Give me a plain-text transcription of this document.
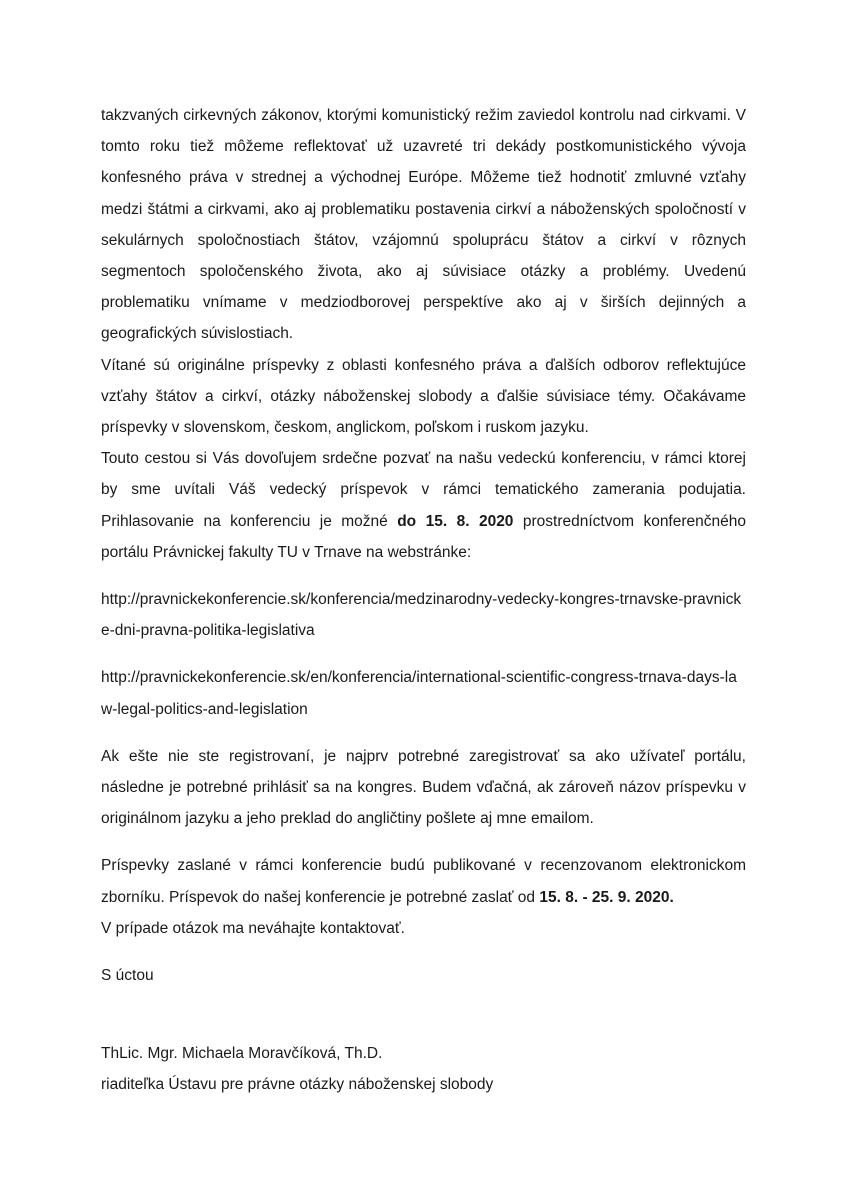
takzvaných cirkevných zákonov, ktorými komunistický režim zaviedol kontrolu nad cirkvami. V tomto roku tiež môžeme reflektovať už uzavreté tri dekády postkomunistického vývoja konfesného práva v strednej a východnej Európe. Môžeme tiež hodnotiť zmluvné vzťahy medzi štátmi a cirkvami, ako aj problematiku postavenia cirkví a náboženských spoločností v sekulárnych spoločnostiach štátov, vzájomnú spoluprácu štátov a cirkví v rôznych segmentoch spoločenského života, ako aj súvisiace otázky a problémy. Uvedenú problematiku vnímame v medziodborovej perspektíve ako aj v širších dejinných a geografických súvislostiach.

Vítané sú originálne príspevky z oblasti konfesného práva a ďalších odborov reflektujúce vzťahy štátov a cirkví, otázky náboženskej slobody a ďalšie súvisiace témy. Očakávame príspevky v slovenskom, českom, anglickom, poľskom i ruskom jazyku.

Touto cestou si Vás dovoľujem srdečne pozvať na našu vedeckú konferenciu, v rámci ktorej by sme uvítali Váš vedecký príspevok v rámci tematického zamerania podujatia. Prihlasovanie na konferenciu je možné do 15. 8. 2020 prostredníctvom konferenčného portálu Právnickej fakulty TU v Trnave na webstránke:

http://pravnickekonferencie.sk/konferencia/medzinarodny-vedecky-kongres-trnavske-pravnicke-dni-pravna-politika-legislativa

http://pravnickekonferencie.sk/en/konferencia/international-scientific-congress-trnava-days-law-legal-politics-and-legislation

Ak ešte nie ste registrovaní, je najprv potrebné zaregistrovať sa ako užívateľ portálu, následne je potrebné prihlásiť sa na kongres. Budem vďačná, ak zároveň názov príspevku v originálnom jazyku a jeho preklad do angličtiny pošlete aj mne emailom.

Príspevky zaslané v rámci konferencie budú publikované v recenzovanom elektronickom zborníku. Príspevok do našej konferencie je potrebné zaslať od 15. 8. - 25. 9. 2020.

V prípade otázok ma neváhajte kontaktovať.

S úctou

ThLic. Mgr. Michaela Moravčíková, Th.D.

riaditeľka Ústavu pre právne otázky náboženskej slobody
